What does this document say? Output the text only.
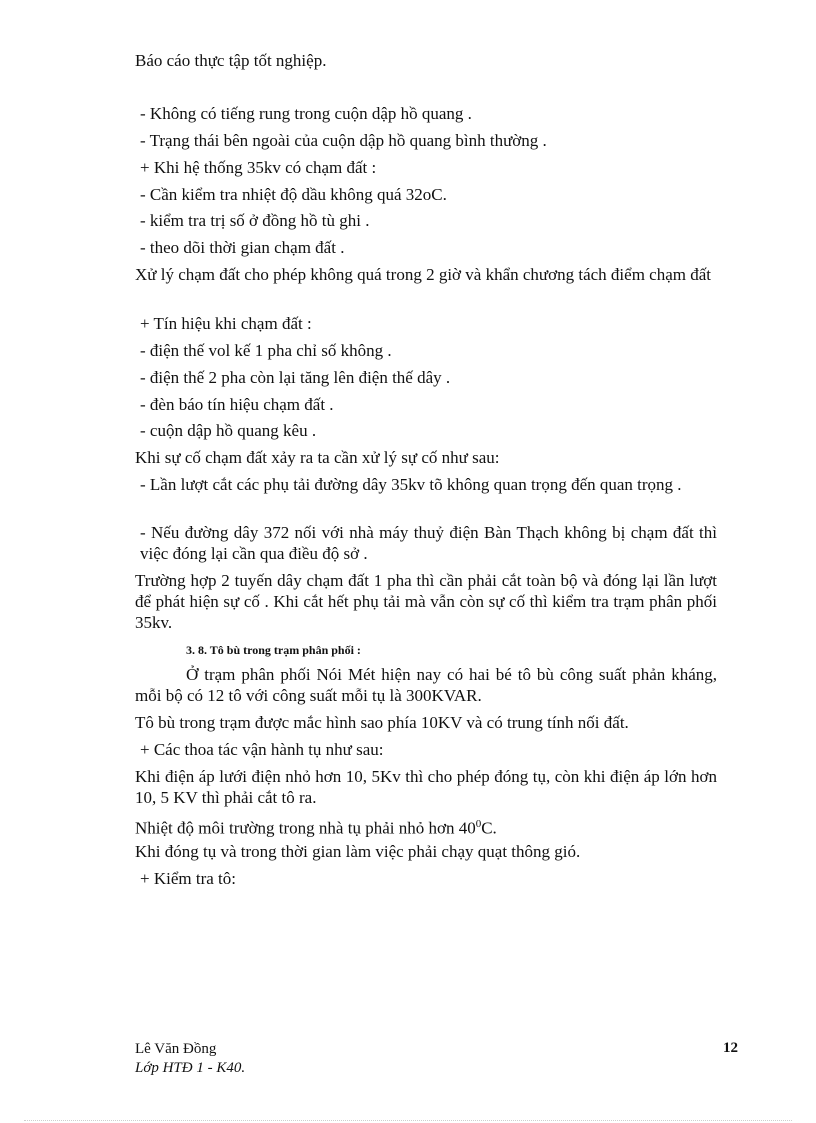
Báo cáo thực tập tốt nghiệp.
- Không có tiếng rung trong cuộn dập hồ quang .
- Trạng thái bên ngoài của cuộn dập hồ quang bình thường .
+ Khi hệ thống 35kv có chạm đất :
- Cần kiểm tra nhiệt độ dầu không quá 32oC.
- kiểm tra trị số ở đồng hồ tù ghi .
- theo dõi thời gian chạm đất .
Xử lý chạm đất cho phép không quá trong 2 giờ và khẩn chương tách điểm chạm đất
+ Tín hiệu khi chạm đất :
- điện thế vol kế 1 pha chỉ số không .
- điện thế 2 pha còn lại tăng lên điện thế dây .
- đèn báo tín hiệu chạm đất .
- cuộn dập hồ quang kêu .
Khi sự cố chạm đất xảy ra ta cần xử lý sự cố như sau:
- Lần lượt cắt các phụ tải đường dây 35kv tõ không quan trọng đến quan trọng .
- Nếu đường dây 372 nối với nhà máy thuỷ điện Bàn Thạch không bị chạm đất thì việc đóng lại cần qua điều độ sở .
Trường hợp 2 tuyến dây chạm đất 1 pha thì cần phải cắt toàn bộ và đóng lại lần lượt để phát hiện sự cố . Khi cắt hết phụ tải mà vẫn còn sự cố thì kiểm tra trạm phân phối 35kv.
3. 8. Tô bù trong trạm phân phối :
Ở trạm phân phối Nói Mét hiện nay có hai bé tô bù công suất phản kháng, mỗi bộ có 12 tô với công suất mỗi tụ là 300KVAR.
Tô bù trong trạm được mắc hình sao phía 10KV và có trung tính nối đất.
+ Các thoa tác vận hành tụ như sau:
Khi điện áp lưới điện nhỏ hơn 10, 5Kv thì cho phép đóng tụ, còn khi điện áp lớn hơn 10, 5 KV thì phải cắt tô ra.
Nhiệt độ môi trường trong nhà tụ phải nhỏ hơn $40^0C$.
Khi đóng tụ và trong thời gian làm việc phải chạy quạt thông gió.
+ Kiểm tra tô:
Lê Văn Đồng
Lớp HTĐ 1 - K40.
12
